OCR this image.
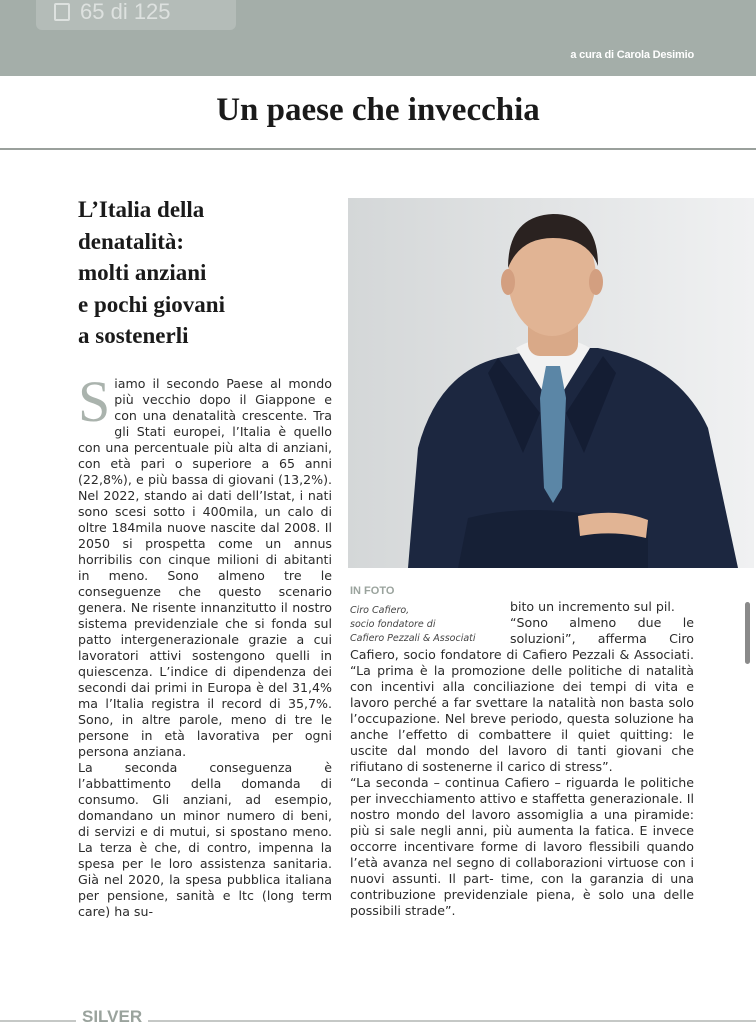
65 di 125
a cura di Carola Desimio
Un paese che invecchia
L’Italia della
denatalità:
molti anziani
e pochi giovani
a sostenerli
S iamo il secondo Paese al mondo più vecchio dopo il Giappone e con una denatalità crescente. Tra gli Stati europei, l’Italia è quello con una percentuale più alta di anziani, con età pari o superiore a 65 anni (22,8%), e più bassa di giovani (13,2%). Nel 2022, stando ai dati dell’Istat, i nati sono scesi sotto i 400mila, un calo di oltre 184mila nuove nascite dal 2008. Il 2050 si prospetta come un annus horribilis con cinque milioni di abitanti in meno. Sono almeno tre le conseguenze che questo scenario genera. Ne risente innanzitutto il nostro sistema previdenziale che si fonda sul patto intergenerazionale grazie a cui lavoratori attivi sostengono quelli in quiescenza. L’indice di dipendenza dei secondi dai primi in Europa è del 31,4% ma l’Italia registra il record di 35,7%. Sono, in altre parole, meno di tre le persone in età lavorativa per ogni persona anziana.

La seconda conseguenza è l’abbattimento della domanda di consumo. Gli anziani, ad esempio, domandano un minor numero di beni, di servizi e di mutui, si spostano meno. La terza è che, di contro, impenna la spesa per le loro assistenza sanitaria. Già nel 2020, la spesa pubblica italiana per pensione, sanità e ltc (long term care) ha su-

IN FOTO

Ciro Cafiero,
socio fondatore di
Cafiero Pezzali & Associati

bito un incremento sul pil.

“Sono almeno due le soluzioni”, afferma Ciro Cafiero, socio fondatore di Cafiero Pezzali & Associati. “La prima è la promozione delle politiche di natalità con incentivi alla conciliazione dei tempi di vita e lavoro perché a far svettare la natalità non basta solo l’occupazione. Nel breve periodo, questa soluzione ha anche l’effetto di combattere il quiet quitting: le uscite dal mondo del lavoro di tanti giovani che rifiutano di sostenerne il carico di stress”.

“La seconda – continua Cafiero – riguarda le politiche per invecchiamento attivo e staffetta generazionale. Il nostro mondo del lavoro assomiglia a una piramide: più si sale negli anni, più aumenta la fatica. E invece occorre incentivare forme di lavoro flessibili quando l’età avanza nel segno di collaborazioni virtuose con i nuovi assunti. Il part- time, con la garanzia di una contribuzione previdenziale piena, è solo una delle possibili strade”.

SILVER
